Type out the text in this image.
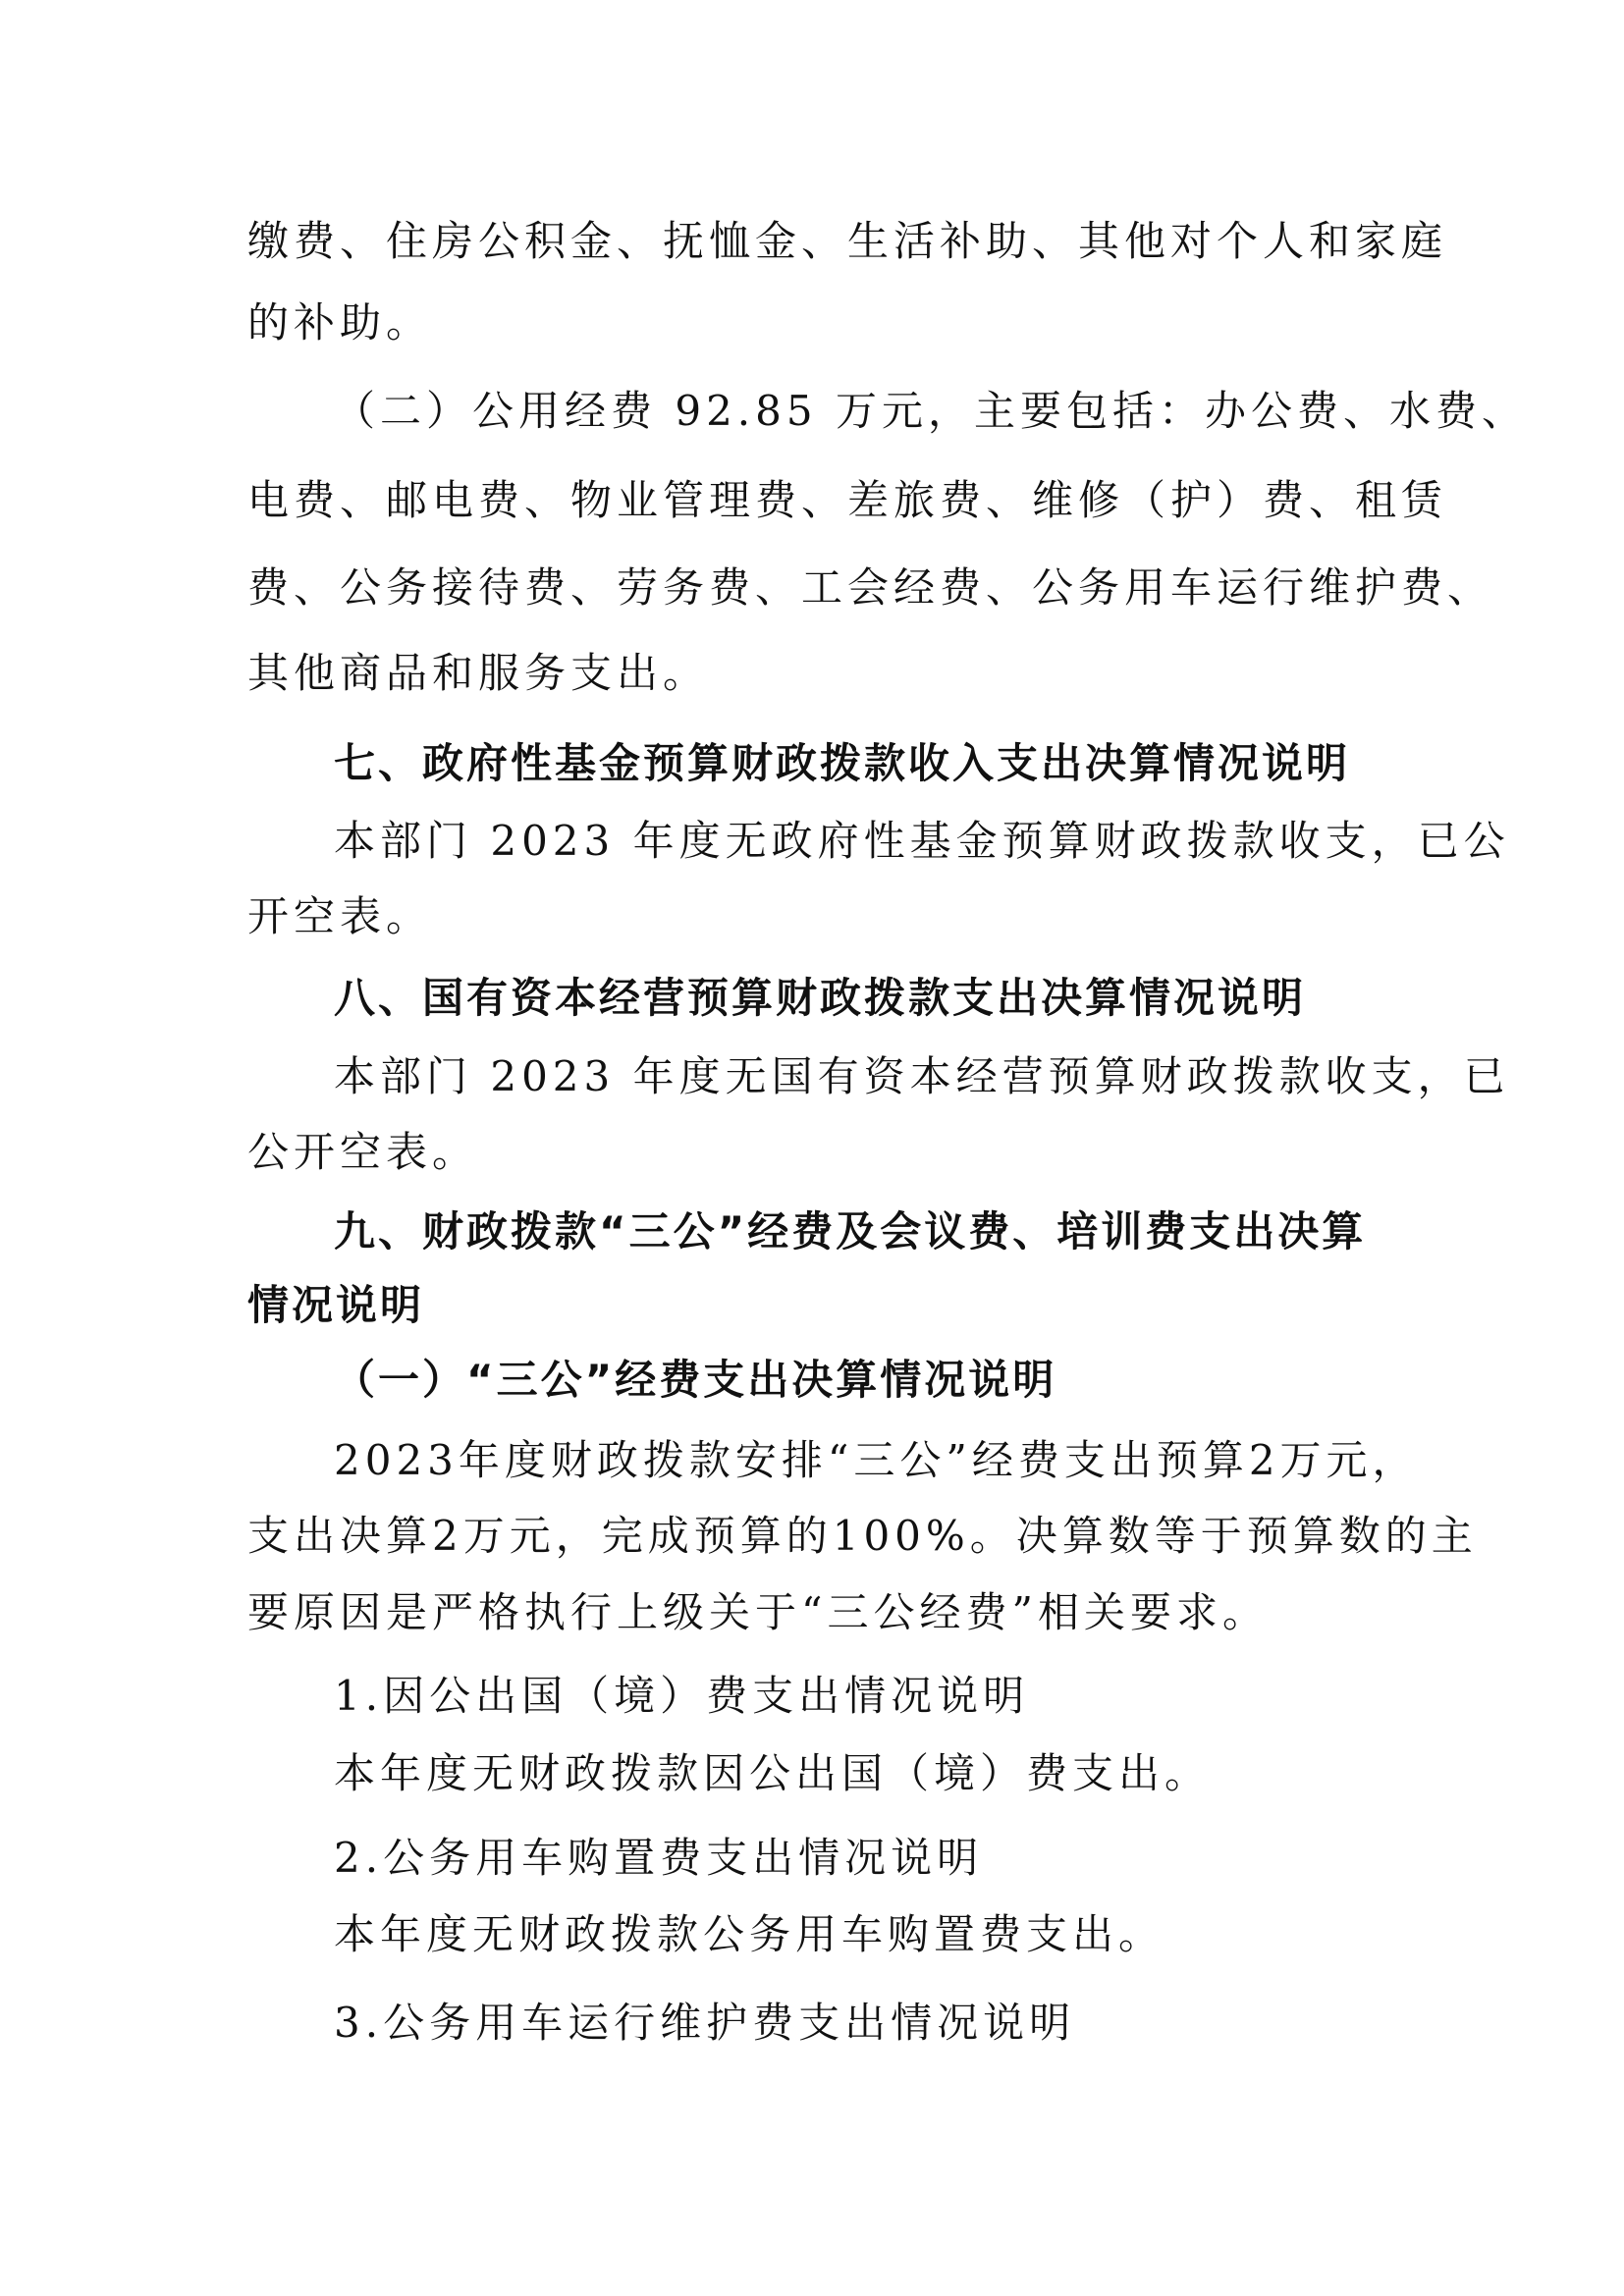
缴费、住房公积金、抚恤金、生活补助、其他对个人和家庭
的补助。
（二）公用经费 92.85 万元，主要包括：办公费、水费、
电费、邮电费、物业管理费、差旅费、维修（护）费、租赁
费、公务接待费、劳务费、工会经费、公务用车运行维护费、
其他商品和服务支出。
七、政府性基金预算财政拨款收入支出决算情况说明
本部门 2023 年度无政府性基金预算财政拨款收支，已公
开空表。
八、国有资本经营预算财政拨款支出决算情况说明
本部门 2023 年度无国有资本经营预算财政拨款收支，已
公开空表。
九、财政拨款“三公”经费及会议费、培训费支出决算
情况说明
（一）“三公”经费支出决算情况说明
2023年度财政拨款安排“三公”经费支出预算2万元，
支出决算2万元，完成预算的100%。决算数等于预算数的主
要原因是严格执行上级关于“三公经费”相关要求。
1.因公出国（境）费支出情况说明
本年度无财政拨款因公出国（境）费支出。
2.公务用车购置费支出情况说明
本年度无财政拨款公务用车购置费支出。
3.公务用车运行维护费支出情况说明
